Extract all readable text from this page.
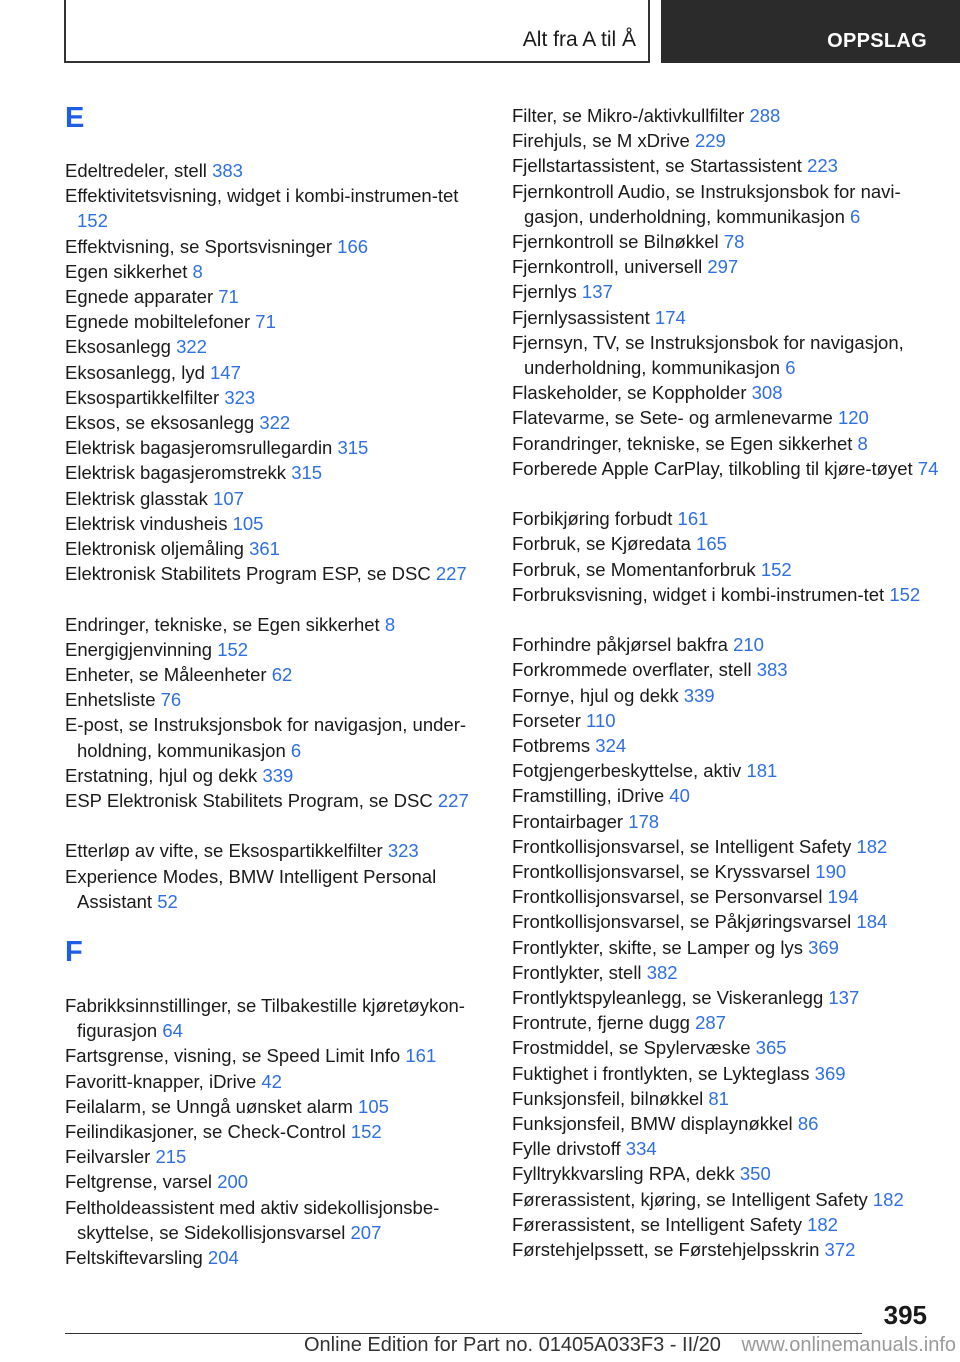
Alt fra A til Å	OPPSLAG
E
Edeltredeler, stell 383
Effektivitetsvisning, widget i kombi-instrumen-tet 152
Effektvisning, se Sportsvisninger 166
Egen sikkerhet 8
Egnede apparater 71
Egnede mobiltelefoner 71
Eksosanlegg 322
Eksosanlegg, lyd 147
Eksospartikkelfilter 323
Eksos, se eksosanlegg 322
Elektrisk bagasjeromsrullegardin 315
Elektrisk bagasjeromstrekk 315
Elektrisk glasstak 107
Elektrisk vindusheis 105
Elektronisk oljemåling 361
Elektronisk Stabilitets Program ESP, se DSC 227
Endringer, tekniske, se Egen sikkerhet 8
Energigjenvinning 152
Enheter, se Måleenheter 62
Enhetsliste 76
E-post, se Instruksjonsbok for navigasjon, under-holdning, kommunikasjon 6
Erstatning, hjul og dekk 339
ESP Elektronisk Stabilitets Program, se DSC 227
Etterløp av vifte, se Eksospartikkelfilter 323
Experience Modes, BMW Intelligent Personal Assistant 52
F
Fabrikksinnstillinger, se Tilbakestille kjøretøykon-figurasjon 64
Fartsgrense, visning, se Speed Limit Info 161
Favoritt-knapper, iDrive 42
Feilalarm, se Unngå uønsket alarm 105
Feilindikasjoner, se Check-Control 152
Feilvarsler 215
Feltgrense, varsel 200
Feltholdeassistent med aktiv sidekollisjonsbe-skyttelse, se Sidekollisjonsvarsel 207
Feltskiftevarsling 204
Filter, se Mikro-/aktivkullfilter 288
Firehjuls, se M xDrive 229
Fjellstartassistent, se Startassistent 223
Fjernkontroll Audio, se Instruksjonsbok for navi-gasjon, underholdning, kommunikasjon 6
Fjernkontroll se Bilnøkkel 78
Fjernkontroll, universell 297
Fjernlys 137
Fjernlysassistent 174
Fjernsyn, TV, se Instruksjonsbok for navigasjon, underholdning, kommunikasjon 6
Flaskeholder, se Koppholder 308
Flatevarme, se Sete- og armlenevarme 120
Forandringer, tekniske, se Egen sikkerhet 8
Forberede Apple CarPlay, tilkobling til kjøre-tøyet 74
Forbikjøring forbudt 161
Forbruk, se Kjøredata 165
Forbruk, se Momentanforbruk 152
Forbruksvisning, widget i kombi-instrumen-tet 152
Forhindre påkjørsel bakfra 210
Forkrommede overflater, stell 383
Fornye, hjul og dekk 339
Forseter 110
Fotbrems 324
Fotgjengerbeskyttelse, aktiv 181
Framstilling, iDrive 40
Frontairbager 178
Frontkollisjonsvarsel, se Intelligent Safety 182
Frontkollisjonsvarsel, se Kryssvarsel 190
Frontkollisjonsvarsel, se Personvarsel 194
Frontkollisjonsvarsel, se Påkjøringsvarsel 184
Frontlykter, skifte, se Lamper og lys 369
Frontlykter, stell 382
Frontlyktspyleanlegg, se Viskeranlegg 137
Frontrute, fjerne dugg 287
Frostmiddel, se Spylervæske 365
Fuktighet i frontlykten, se Lykteglass 369
Funksjonsfeil, bilnøkkel 81
Funksjonsfeil, BMW displaynøkkel 86
Fylle drivstoff 334
Fylltrykkvarsling RPA, dekk 350
Førerassistent, kjøring, se Intelligent Safety 182
Førerassistent, se Intelligent Safety 182
Førstehjelpssett, se Førstehjelpsskrin 372
395
Online Edition for Part no. 01405A033F3 - II/20 www.onlinemanuals.info
